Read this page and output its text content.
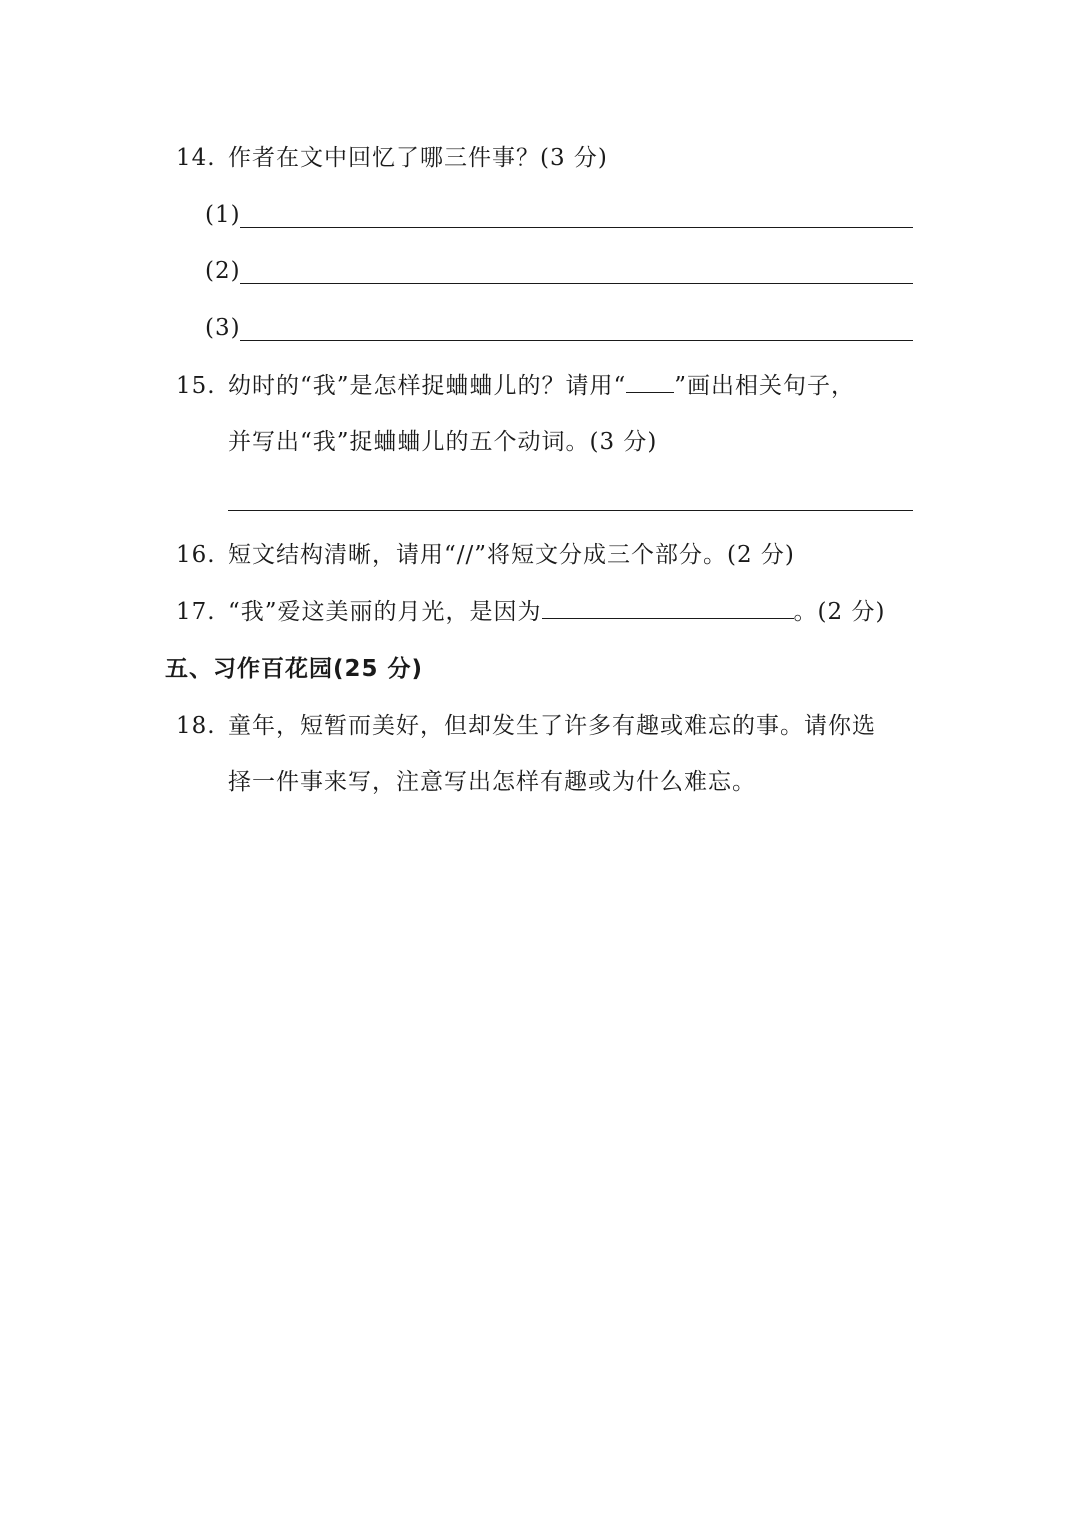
14. 作者在文中回忆了哪三件事？(3 分)
(1)
(2)
(3)
15. 幼时的“我”是怎样捉蛐蛐儿的？请用“ ”画出相关句子，
并写出“我”捉蛐蛐儿的五个动词。(3 分)
16. 短文结构清晰，请用“//”将短文分成三个部分。(2 分)
17. “我”爱这美丽的月光，是因为	。(2 分)
五、习作百花园(25 分)
18. 童年，短暂而美好，但却发生了许多有趣或难忘的事。请你选
择一件事来写，注意写出怎样有趣或为什么难忘。
